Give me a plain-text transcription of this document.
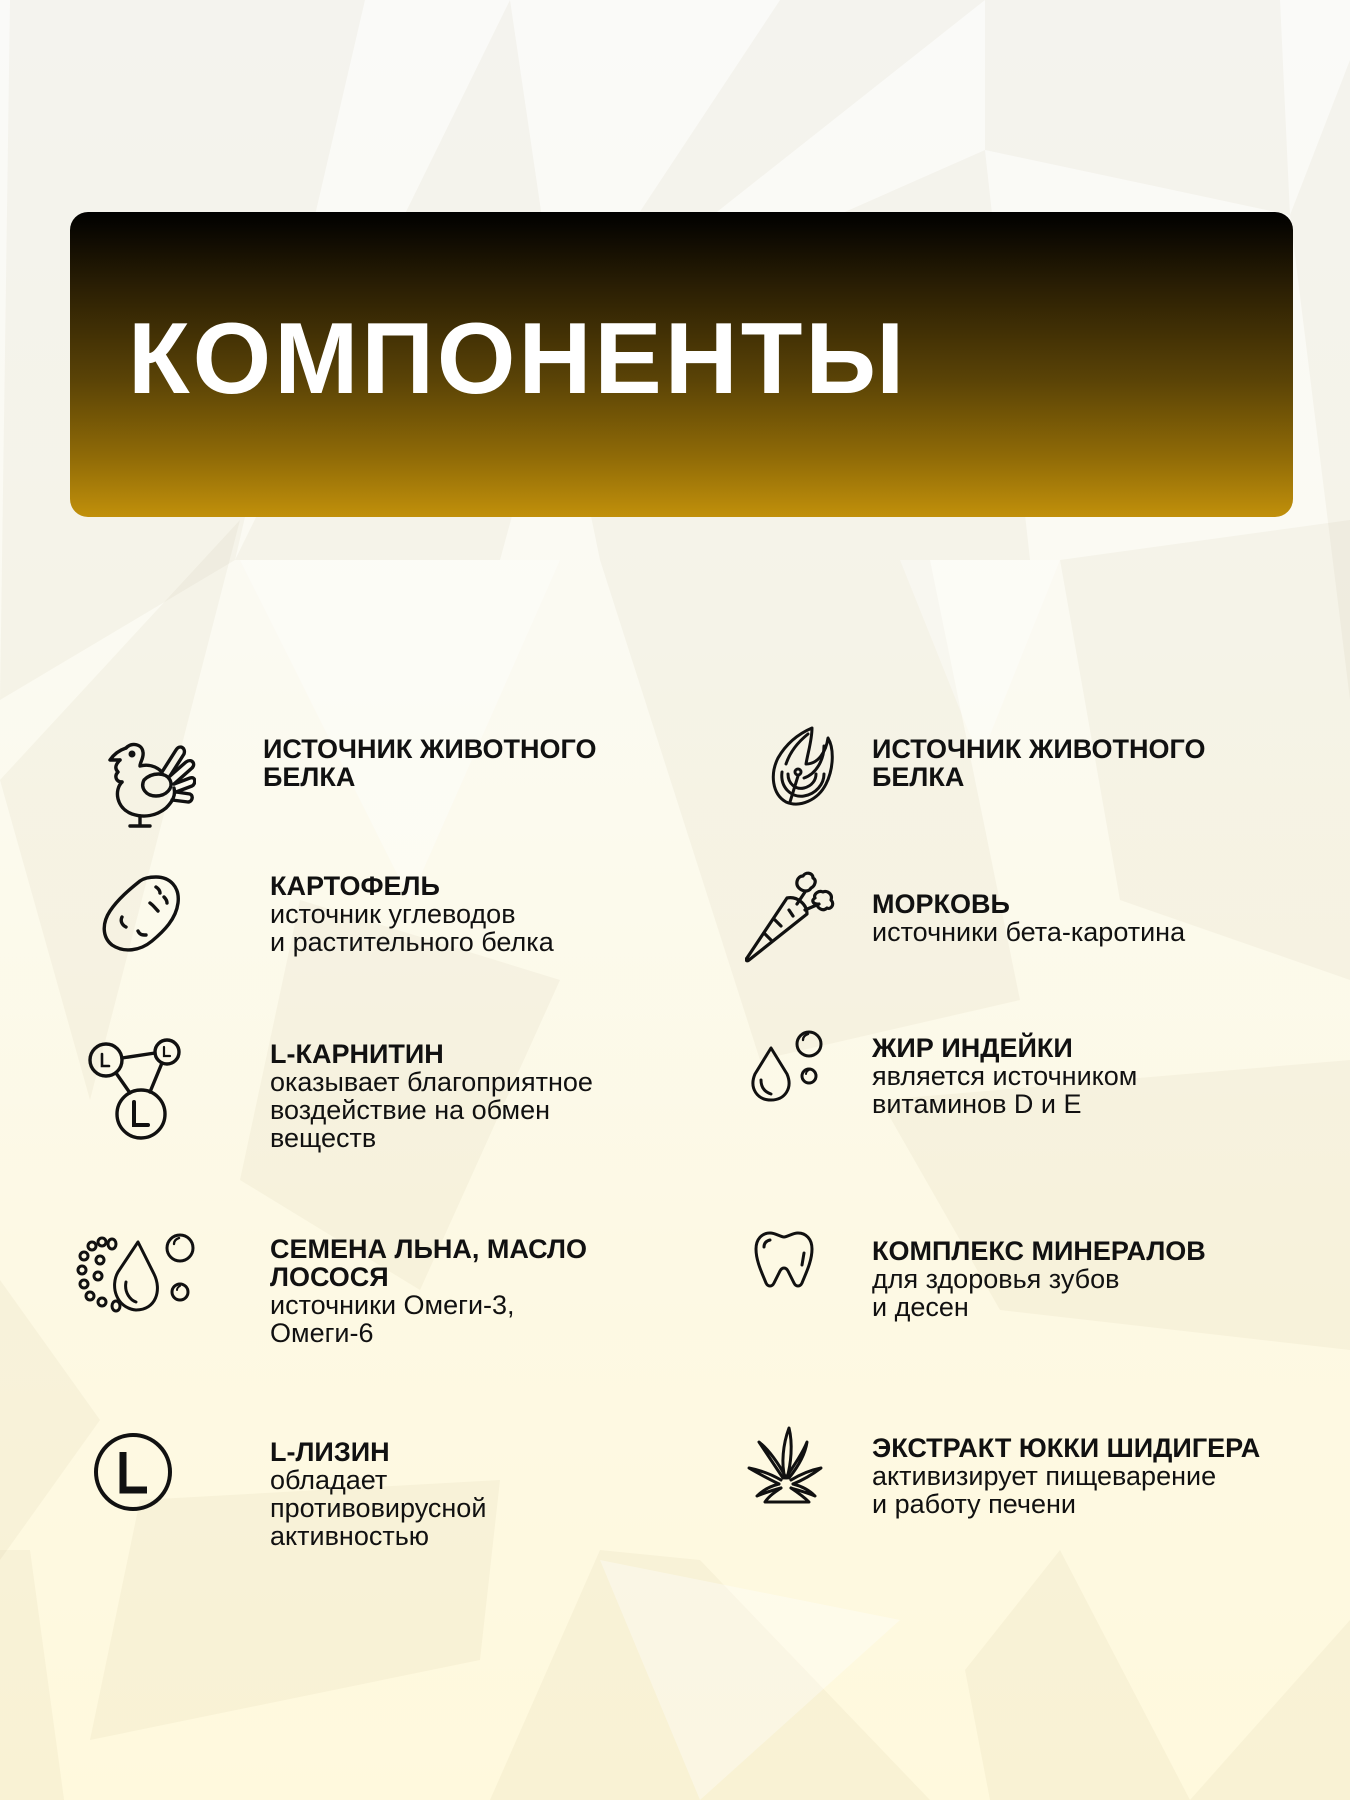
КОМПОНЕНТЫ

ИСТОЧНИК ЖИВОТНОГО
БЕЛКА

КАРТОФЕЛЬ

источник углеводов
и растительного белка

L-КАРНИТИН

оказывает благоприятное
воздействие на обмен
веществ

СЕМЕНА ЛЬНА, МАСЛО
ЛОСОСЯ

источники Омеги-3,
Омеги-6

L-ЛИЗИН

обладает
противовирусной
активностью

ИСТОЧНИК ЖИВОТНОГО
БЕЛКА

МОРКОВЬ

источники бета-каротина

ЖИР ИНДЕЙКИ

является источником
витаминов D и E

КОМПЛЕКС МИНЕРАЛОВ

для здоровья зубов
и десен

ЭКСТРАКТ ЮККИ ШИДИГЕРА

активизирует пищеварение
и работу печени
